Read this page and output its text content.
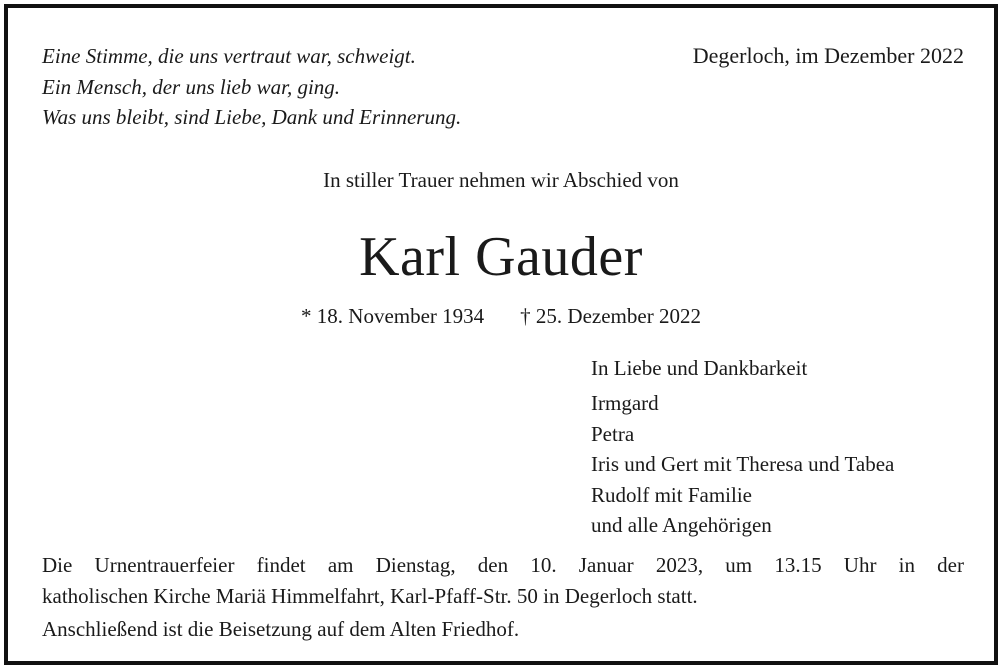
Eine Stimme, die uns vertraut war, schweigt.
Ein Mensch, der uns lieb war, ging.
Was uns bleibt, sind Liebe, Dank und Erinnerung.
Degerloch, im Dezember 2022
In stiller Trauer nehmen wir Abschied von
Karl Gauder
* 18. November 1934 † 25. Dezember 2022
In Liebe und Dankbarkeit
Irmgard
Petra
Iris und Gert mit Theresa und Tabea
Rudolf mit Familie
und alle Angehörigen
Die Urnentrauerfeier findet am Dienstag, den 10. Januar 2023, um 13.15 Uhr in der
katholischen Kirche Mariä Himmelfahrt, Karl-Pfaff-Str. 50 in Degerloch statt.
Anschließend ist die Beisetzung auf dem Alten Friedhof.
